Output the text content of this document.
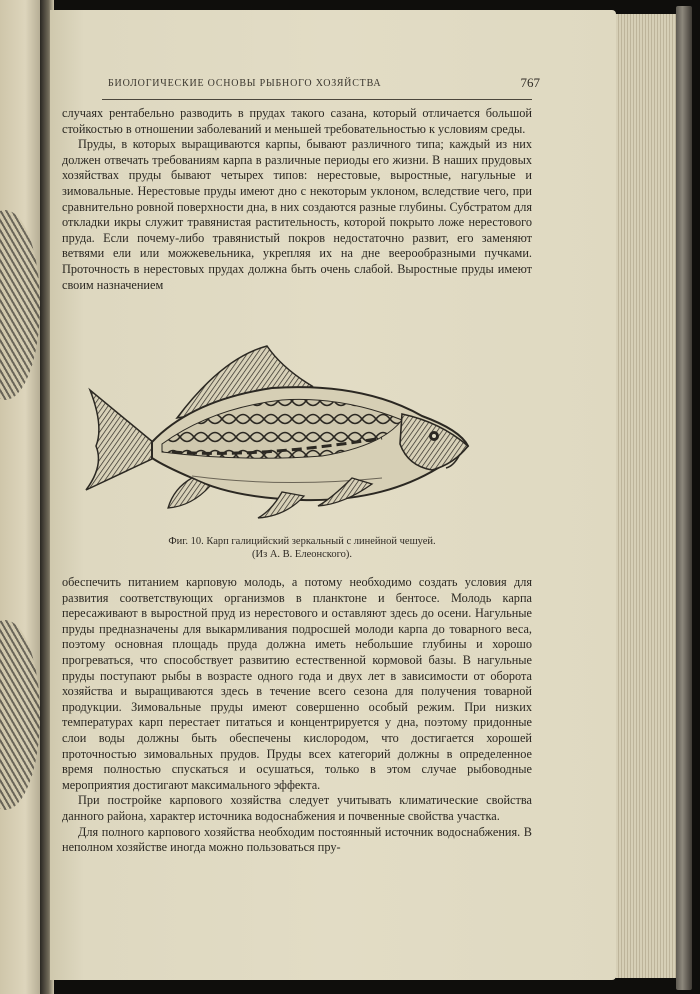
БИОЛОГИЧЕСКИЕ ОСНОВЫ РЫБНОГО ХОЗЯЙСТВА	767

случаях рентабельно разводить в прудах такого сазана, который отличается большой стойкостью в отношении заболеваний и меньшей требовательностью к условиям среды.

Пруды, в которых выращиваются карпы, бывают различного типа; каждый из них должен отвечать требованиям карпа в различные периоды его жизни. В наших прудовых хозяйствах пруды бывают четырех типов: нерестовые, выростные, нагульные и зимовальные. Нерестовые пруды имеют дно с некоторым уклоном, вследствие чего, при сравнительно ровной поверхности дна, в них создаются разные глубины. Субстратом для откладки икры служит травянистая растительность, которой покрыто ложе нерестового пруда. Если почему-либо травянистый покров недостаточно развит, его заменяют ветвями ели или можжевельника, укрепляя их на дне веерообразными пучками. Проточность в нерестовых прудах должна быть очень слабой. Выростные пруды имеют своим назначением

Фиг. 10. Карп галицийский зеркальный с линейной чешуей.
(Из А. В. Елеонского).

обеспечить питанием карповую молодь, а потому необходимо создать условия для развития соответствующих организмов в планктоне и бентосе. Молодь карпа пересаживают в выростной пруд из нерестового и оставляют здесь до осени. Нагульные пруды предназначены для выкармливания подросшей молоди карпа до товарного веса, поэтому основная площадь пруда должна иметь небольшие глубины и хорошо прогреваться, что способствует развитию естественной кормовой базы. В нагульные пруды поступают рыбы в возрасте одного года и двух лет в зависимости от оборота хозяйства и выращиваются здесь в течение всего сезона для получения товарной продукции. Зимовальные пруды имеют совершенно особый режим. При низких температурах карп перестает питаться и концентрируется у дна, поэтому придонные слои воды должны быть обеспечены кислородом, что достигается хорошей проточностью зимовальных прудов. Пруды всех категорий должны в определенное время полностью спускаться и осушаться, только в этом случае рыбоводные мероприятия достигают максимального эффекта.

При постройке карпового хозяйства следует учитывать климатические свойства данного района, характер источника водоснабжения и почвенные свойства участка.

Для полного карпового хозяйства необходим постоянный источник водоснабжения. В неполном хозяйстве иногда можно пользоваться пру-
